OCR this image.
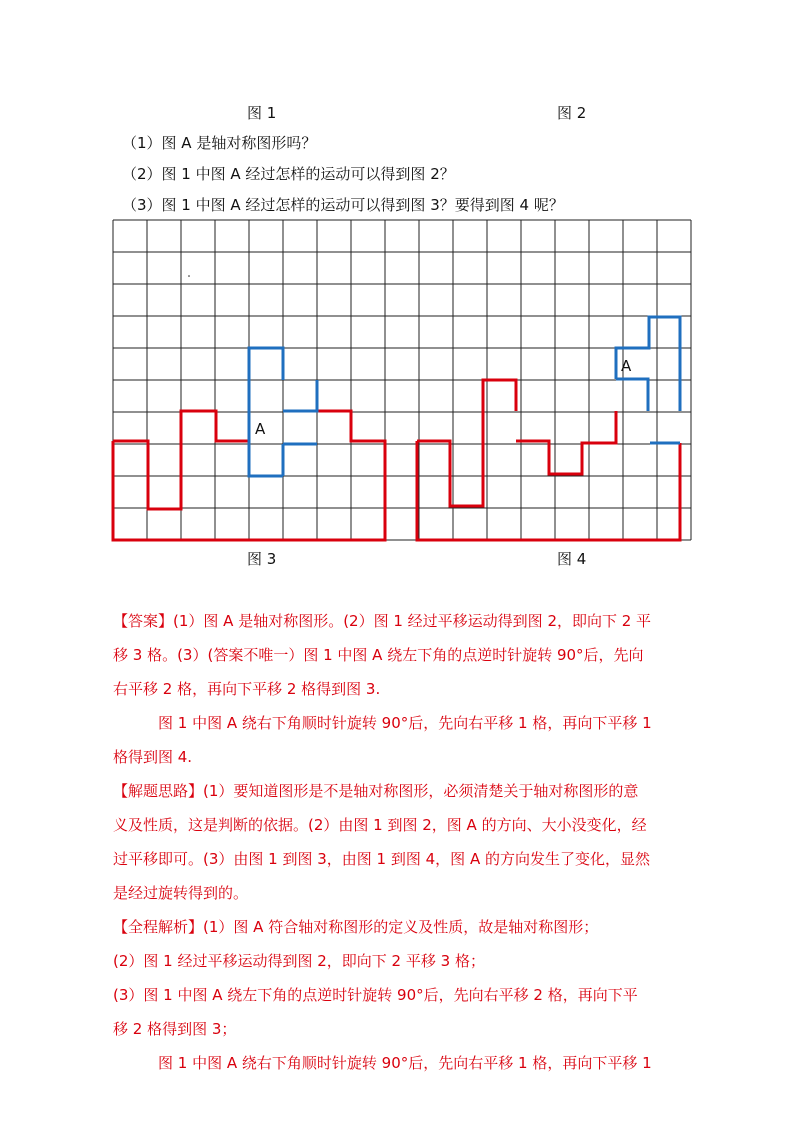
图 1	图 2
（1）图 A 是轴对称图形吗？
（2）图 1 中图 A 经过怎样的运动可以得到图 2？
（3）图 1 中图 A 经过怎样的运动可以得到图 3？要得到图 4 呢？
A
A
图 3	图 4
【答案】(1）图 A 是轴对称图形。(2）图 1 经过平移运动得到图 2，即向下 2 平
移 3 格。(3）(答案不唯一）图 1 中图 A 绕左下角的点逆时针旋转 90°后，先向
右平移 2 格，再向下平移 2 格得到图 3.
图 1 中图 A 绕右下角顺时针旋转 90°后，先向右平移 1 格，再向下平移 1
格得到图 4.
【解题思路】(1）要知道图形是不是轴对称图形，必须清楚关于轴对称图形的意
义及性质，这是判断的依据。(2）由图 1 到图 2，图 A 的方向、大小没变化，经
过平移即可。(3）由图 1 到图 3，由图 1 到图 4，图 A 的方向发生了变化，显然
是经过旋转得到的。
【全程解析】(1）图 A 符合轴对称图形的定义及性质，故是轴对称图形；
(2）图 1 经过平移运动得到图 2，即向下 2 平移 3 格；
(3）图 1 中图 A 绕左下角的点逆时针旋转 90°后，先向右平移 2 格，再向下平
移 2 格得到图 3；
图 1 中图 A 绕右下角顺时针旋转 90°后，先向右平移 1 格，再向下平移 1
